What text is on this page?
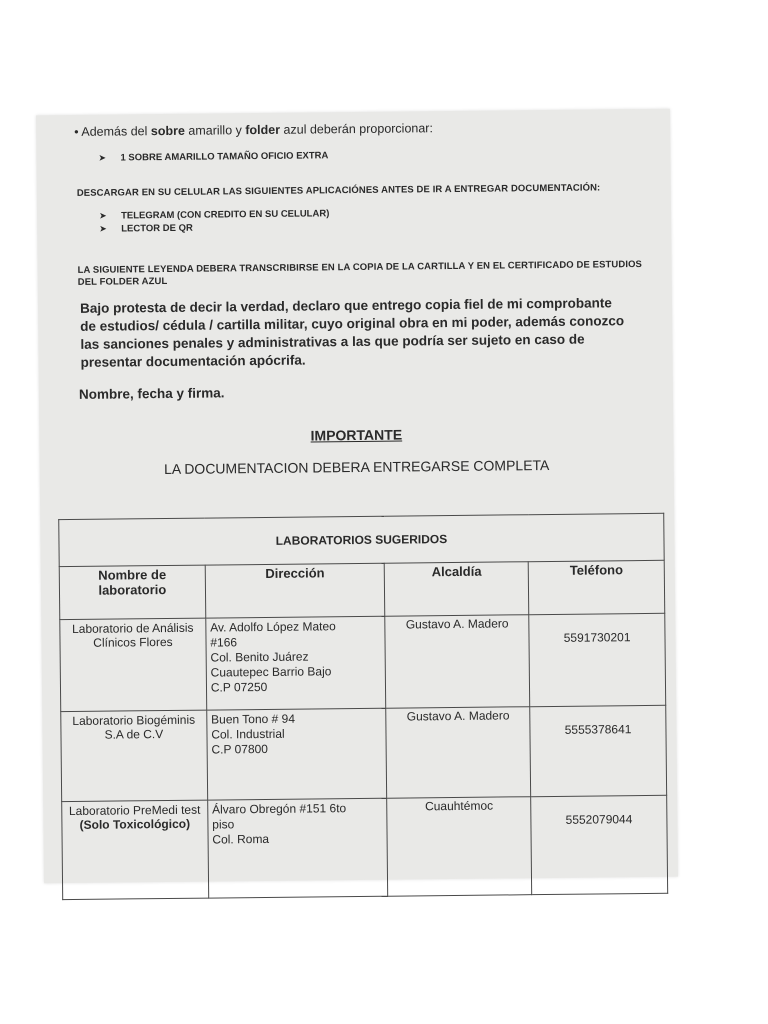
• Además del sobre amarillo y folder azul deberán proporcionar:
➤ 1 SOBRE AMARILLO TAMAÑO OFICIO EXTRA
DESCARGAR EN SU CELULAR LAS SIGUIENTES APLICACIÓNES ANTES DE IR A ENTREGAR DOCUMENTACIÓN:
➤ TELEGRAM (CON CREDITO EN SU CELULAR)
➤ LECTOR DE QR
LA SIGUIENTE LEYENDA DEBERA TRANSCRIBIRSE EN LA COPIA DE LA CARTILLA Y EN EL CERTIFICADO DE ESTUDIOS
DEL FOLDER AZUL
Bajo protesta de decir la verdad, declaro que entrego copia fiel de mi comprobante de estudios/ cédula / cartilla militar, cuyo original obra en mi poder, además conozco las sanciones penales y administrativas a las que podría ser sujeto en caso de presentar documentación apócrifa.
Nombre, fecha y firma.
IMPORTANTE
LA DOCUMENTACION DEBERA ENTREGARSE COMPLETA
LABORATORIOS SUGERIDOS			

Nombre de
laboratorio	Dirección	Alcaldía	Teléfono

Laboratorio de Análisis
Clínicos Flores	Av. Adolfo López Mateo
#166
Col. Benito Juárez
Cuautepec Barrio Bajo
C.P 07250	Gustavo A. Madero	5591730201

Laboratorio Biogéminis
S.A de C.V	Buen Tono # 94
Col. Industrial
C.P 07800	Gustavo A. Madero	5555378641

Laboratorio PreMedi test
(Solo Toxicológico)	Álvaro Obregón #151 6to
piso
Col. Roma	Cuauhtémoc	5552079044
